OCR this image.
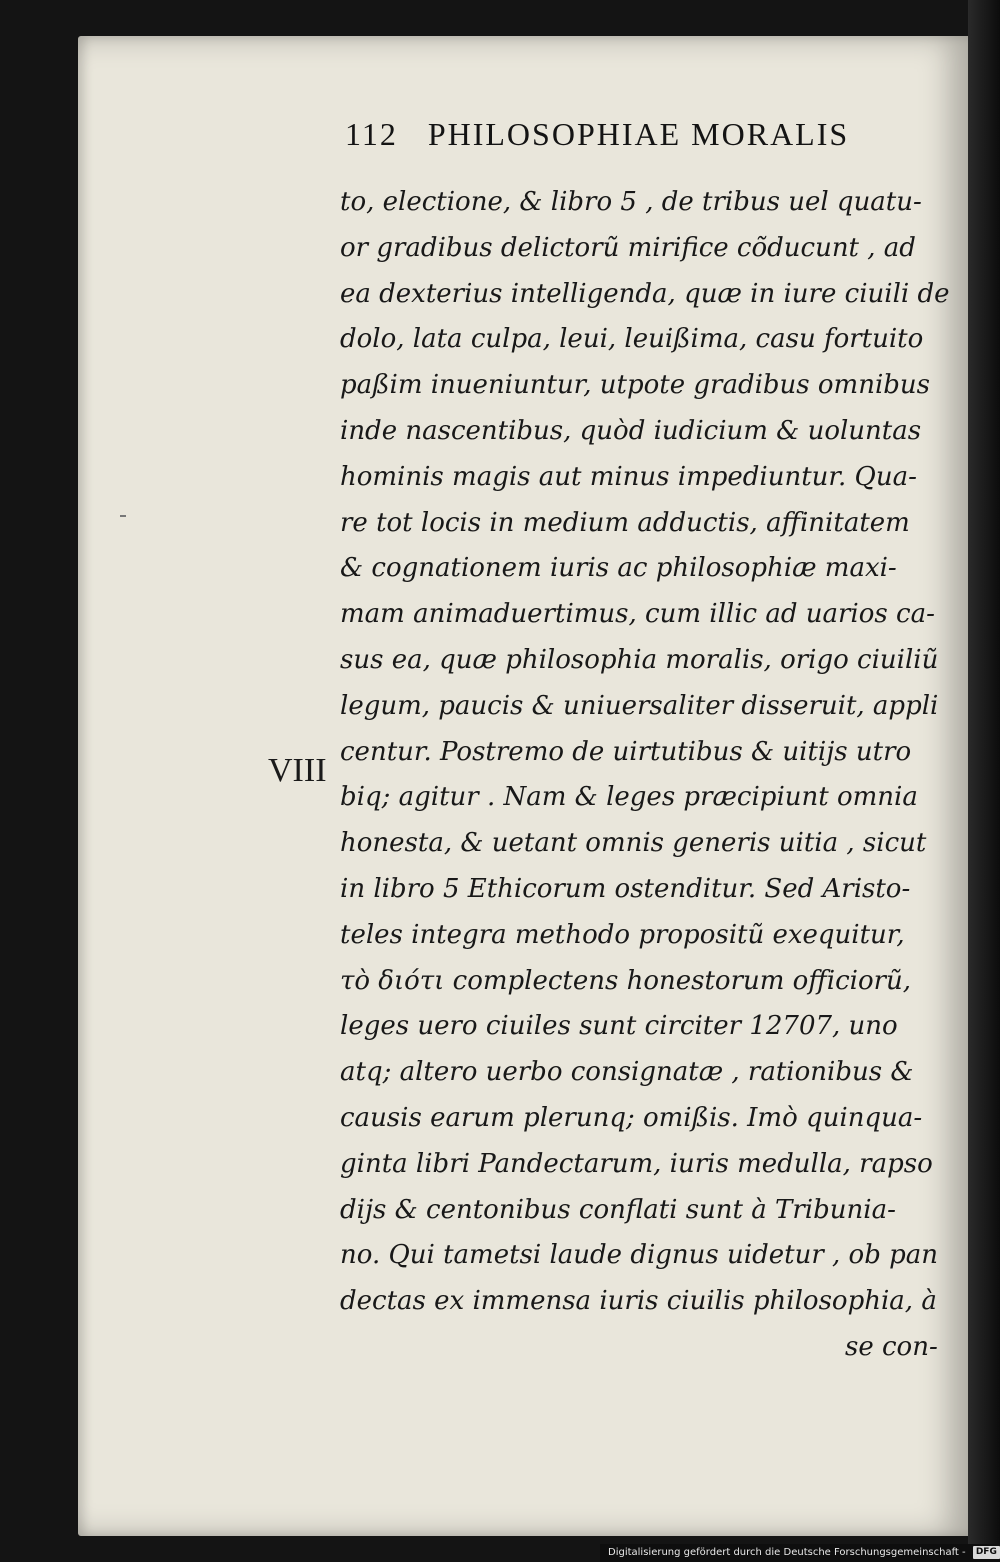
112 PHILOSOPHIAE MORALIS
VIII
to, electione, & libro 5 , de tribus uel quatu-
or gradibus delictorũ mirifice cõducunt , ad
ea dexterius intelligenda, quæ in iure ciuili de
dolo, lata culpa, leui, leuißima, casu fortuito
paßim inueniuntur, utpote gradibus omnibus
inde nascentibus, quòd iudicium & uoluntas
hominis magis aut minus impediuntur. Qua-
re tot locis in medium adductis, affinitatem
& cognationem iuris ac philosophiæ maxi-
mam animaduertimus, cum illic ad uarios ca-
sus ea, quæ philosophia moralis, origo ciuiliũ
legum, paucis & uniuersaliter disseruit, appli
centur. Postremo de uirtutibus & uitijs utro
biq; agitur . Nam & leges præcipiunt omnia
honesta, & uetant omnis generis uitia , sicut
in libro 5 Ethicorum ostenditur. Sed Aristo-
teles integra methodo propositũ exequitur,
τὸ διότι complectens honestorum officiorũ,
leges uero ciuiles sunt circiter 12707, uno
atq; altero uerbo consignatæ , rationibus &
causis earum plerunq; omißis. Imò quinqua-
ginta libri Pandectarum, iuris medulla, rapso
dijs & centonibus conflati sunt à Tribunia-
no. Qui tametsi laude dignus uidetur , ob pan
dectas ex immensa iuris ciuilis philosophia, à
se con-
Digitalisierung gefördert durch die Deutsche Forschungsgemeinschaft - DFG
